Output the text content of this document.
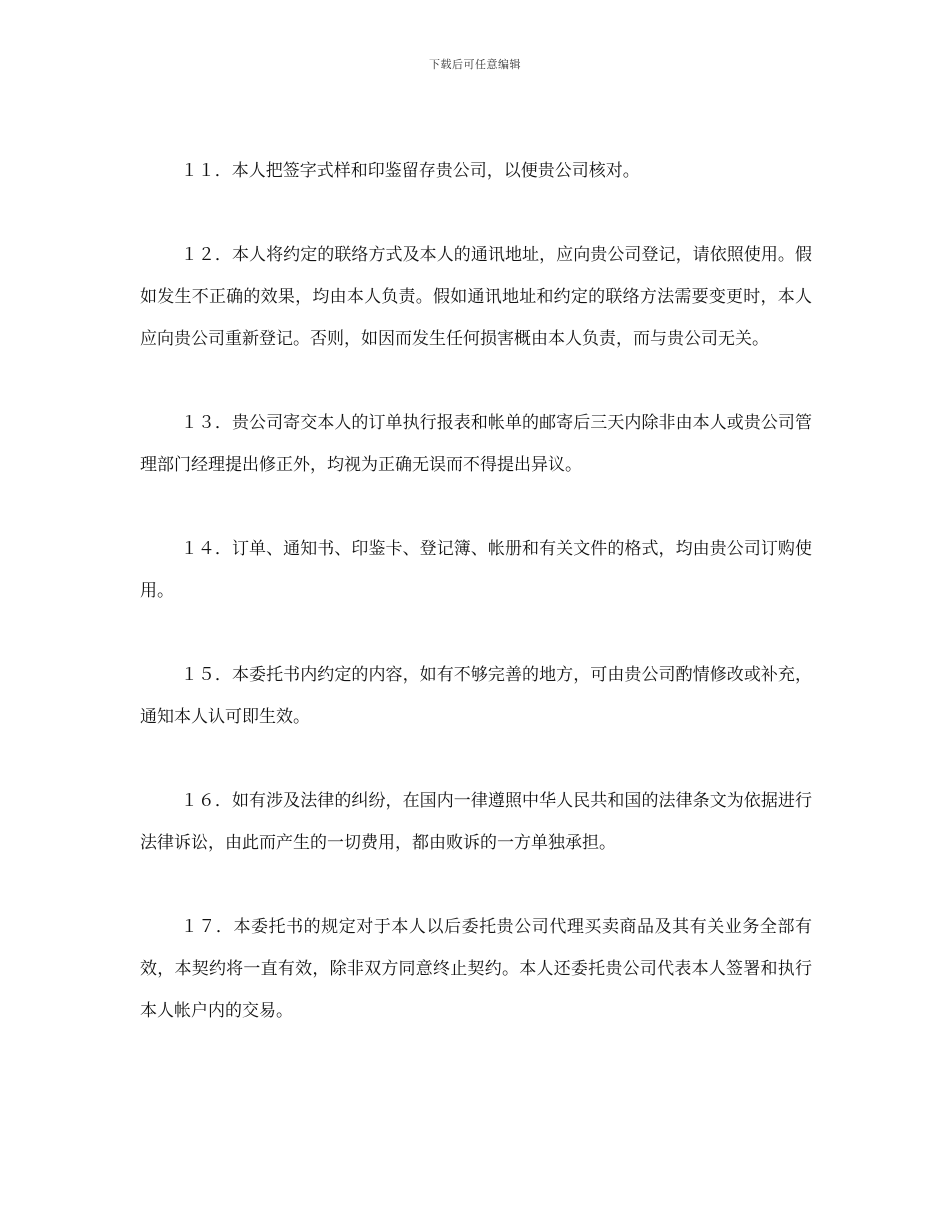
下载后可任意编辑

１１．本人把签字式样和印鉴留存贵公司，以便贵公司核对。

１２．本人将约定的联络方式及本人的通讯地址，应向贵公司登记，请依照使用。假如发生不正确的效果，均由本人负责。假如通讯地址和约定的联络方法需要变更时，本人应向贵公司重新登记。否则，如因而发生任何损害概由本人负责，而与贵公司无关。

１３．贵公司寄交本人的订单执行报表和帐单的邮寄后三天内除非由本人或贵公司管理部门经理提出修正外，均视为正确无误而不得提出异议。

１４．订单、通知书、印鉴卡、登记簿、帐册和有关文件的格式，均由贵公司订购使用。

１５．本委托书内约定的内容，如有不够完善的地方，可由贵公司酌情修改或补充，通知本人认可即生效。

１６．如有涉及法律的纠纷，在国内一律遵照中华人民共和国的法律条文为依据进行法律诉讼，由此而产生的一切费用，都由败诉的一方单独承担。

１７．本委托书的规定对于本人以后委托贵公司代理买卖商品及其有关业务全部有效，本契约将一直有效，除非双方同意终止契约。本人还委托贵公司代表本人签署和执行本人帐户内的交易。
